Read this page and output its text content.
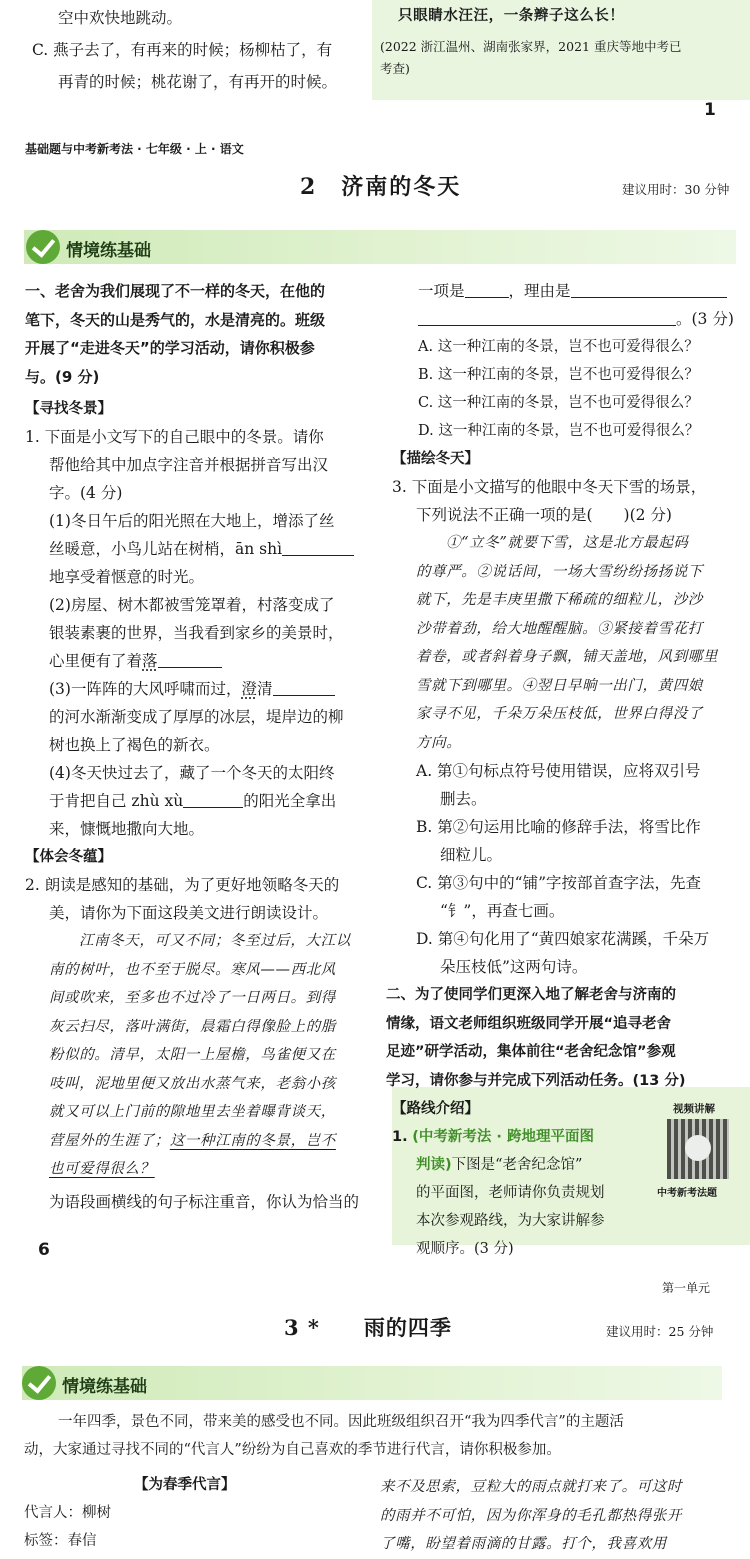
空中欢快地跳动。
C. 燕子去了，有再来的时候；杨柳枯了，有
再青的时候；桃花谢了，有再开的时候。
只眼睛水汪汪，一条辫子这么长！
(2022 浙江温州、湖南张家界，2021 重庆等地中考已
考查)
1
基础题与中考新考法 · 七年级 · 上 · 语文
2　济南的冬天	建议用时：30 分钟
情境练基础
一、老舍为我们展现了不一样的冬天，在他的
笔下，冬天的山是秀气的，水是清亮的。班级
开展了“走进冬天”的学习活动，请你积极参
与。(9 分)
【寻找冬景】
1. 下面是小文写下的自己眼中的冬景。请你
帮他给其中加点字注音并根据拼音写出汉
字。(4 分)
(1)冬日午后的阳光照在大地上，增添了丝
丝暖意，小鸟儿站在树梢，ān shì
地享受着惬意的时光。
(2)房屋、树木都被雪笼罩着，村落变成了
银装素裹的世界，当我看到家乡的美景时，
心里便有了着落
(3)一阵阵的大风呼啸而过，澄清
的河水渐渐变成了厚厚的冰层，堤岸边的柳
树也换上了褐色的新衣。
(4)冬天快过去了，藏了一个冬天的太阳终
于肯把自己 zhù xù	的阳光全拿出
来，慷慨地撒向大地。
【体会冬蕴】
2. 朗读是感知的基础，为了更好地领略冬天的
美，请你为下面这段美文进行朗读设计。
江南冬天，可又不同；冬至过后，大江以
南的树叶，也不至于脱尽。寒风——西北风
间或吹来，至多也不过冷了一日两日。到得
灰云扫尽，落叶满街，晨霜白得像脸上的脂
粉似的。清早，太阳一上屋檐，鸟雀便又在
吱叫，泥地里便又放出水蒸气来，老翁小孩
就又可以上门前的隙地里去坐着曝背谈天，
营屋外的生涯了；这一种江南的冬景，岂不
也可爱得很么？
为语段画横线的句子标注重音，你认为恰当的
一项是	，理由是
。(3 分)
A. 这一种江南的冬景，岂不也可爱得很么？
B. 这一种江南的冬景，岂不也可爱得很么？
C. 这一种江南的冬景，岂不也可爱得很么？
D. 这一种江南的冬景，岂不也可爱得很么？
【描绘冬天】
3. 下面是小文描写的他眼中冬天下雪的场景，
下列说法不正确一项的是(　　)(2 分)
①“立冬”就要下雪，这是北方最起码
的尊严。②说话间，一场大雪纷纷扬扬说下
就下，先是丰庚里撒下稀疏的细粒儿，沙沙
沙带着劲，给大地醒醒脑。③紧接着雪花打
着卷，或者斜着身子飘，铺天盖地，风到哪里
雪就下到哪里。④翌日早晌一出门，黄四娘
家寻不见，千朵万朵压枝低，世界白得没了
方向。
A. 第①句标点符号使用错误，应将双引号
删去。
B. 第②句运用比喻的修辞手法，将雪比作
细粒儿。
C. 第③句中的“铺”字按部首查字法，先查
“钅”，再查七画。
D. 第④句化用了“黄四娘家花满蹊，千朵万
朵压枝低”这两句诗。
二、为了使同学们更深入地了解老舍与济南的
情缘，语文老师组织班级同学开展“追寻老舍
足迹”研学活动，集体前往“老舍纪念馆”参观
学习，请你参与并完成下列活动任务。(13 分)
【路线介绍】
1. (中考新考法 · 跨地理平面图
判读)下图是“老舍纪念馆”
的平面图，老师请你负责规划
本次参观路线，为大家讲解参
观顺序。(3 分)
视频讲解
中考新考法题
6
第一单元
3 *　　雨的四季	建议用时：25 分钟
情境练基础
一年四季，景色不同，带来美的感受也不同。因此班级组织召开“我为四季代言”的主题活
动，大家通过寻找不同的“代言人”纷纷为自己喜欢的季节进行代言，请你积极参加。
【为春季代言】
代言人：柳树
标签：春信
来不及思索，豆粒大的雨点就打来了。可这时
的雨并不可怕，因为你浑身的毛孔都热得张开
了嘴，盼望着雨滴的甘露。打个，我喜欢用
